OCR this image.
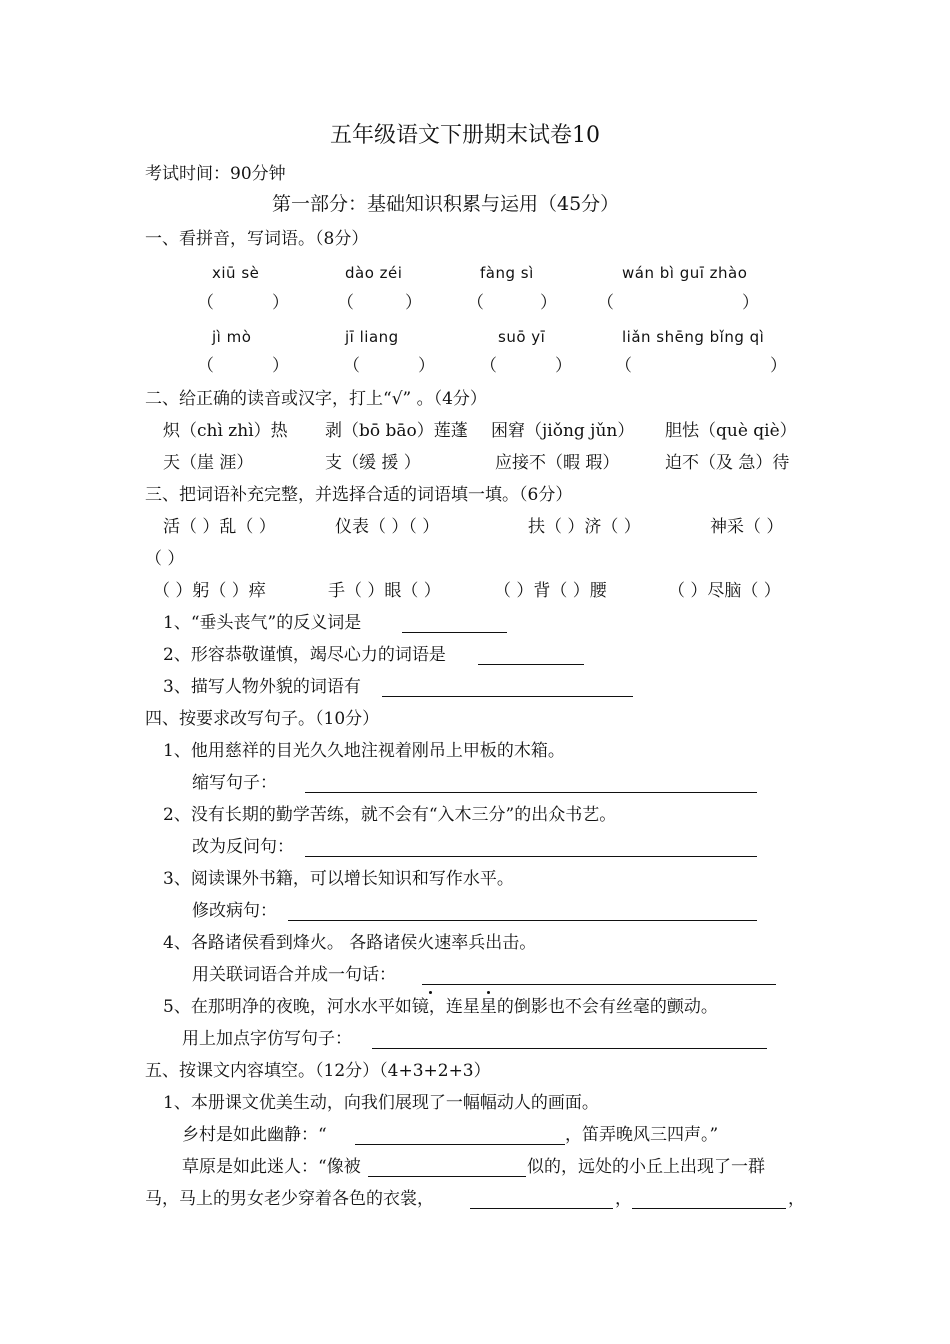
五年级语文下册期末试卷10
考试时间：90分钟
第一部分：基础知识积累与运用（45分）
一、看拼音，写词语。（8分）
xiū sè	dào zéi	fàng sì	wán bì guī zhào
（	）	（	）	（	） （	）
jì mò	jī liang	suō yī	liǎn shēng bǐng qì
（	）	（	）	（	）	（	）
二、给正确的读音或汉字，打上“√” 。（4分）
炽（chì zhì）热 剥（bō bāo）莲蓬 困窘（jiǒng jǔn） 胆怯（què qiè）
天（崖 涯）	支（缓 援 ）	应接不（暇 瑕）	迫不（及 急）待
三、把词语补充完整，并选择合适的词语填一填。（6分）
活（ ）乱（ ）	仪表（ ）（ ）	扶（ ）济（ ）	神采（ ）
（ ）
（ ）躬（ ）瘁	手（ ）眼（ ）	（ ）背（ ）腰	（ ）尽脑（ ）
1、“垂头丧气”的反义词是
2、形容恭敬谨慎，竭尽心力的词语是
3、描写人物外貌的词语有
四、按要求改写句子。（10分）
1、他用慈祥的目光久久地注视着刚吊上甲板的木箱。
缩写句子：
2、没有长期的勤学苦练，就不会有“入木三分”的出众书艺。
改为反问句：
3、阅读课外书籍，可以增长知识和写作水平。
修改病句：
4、各路诸侯看到烽火。 各路诸侯火速率兵出击。
用关联词语合并成一句话：
5、在那明净的夜晚，河水水平如镜，连星星的倒影也不会有丝毫的颤动。
用上加点字仿写句子：
五、按课文内容填空。（12分）（4+3+2+3）
1、本册课文优美生动，向我们展现了一幅幅动人的画面。
乡村是如此幽静：“	，笛弄晚风三四声。”
草原是如此迷人：“像被	似的，远处的小丘上出现了一群
马，马上的男女老少穿着各色的衣裳，	，	，
